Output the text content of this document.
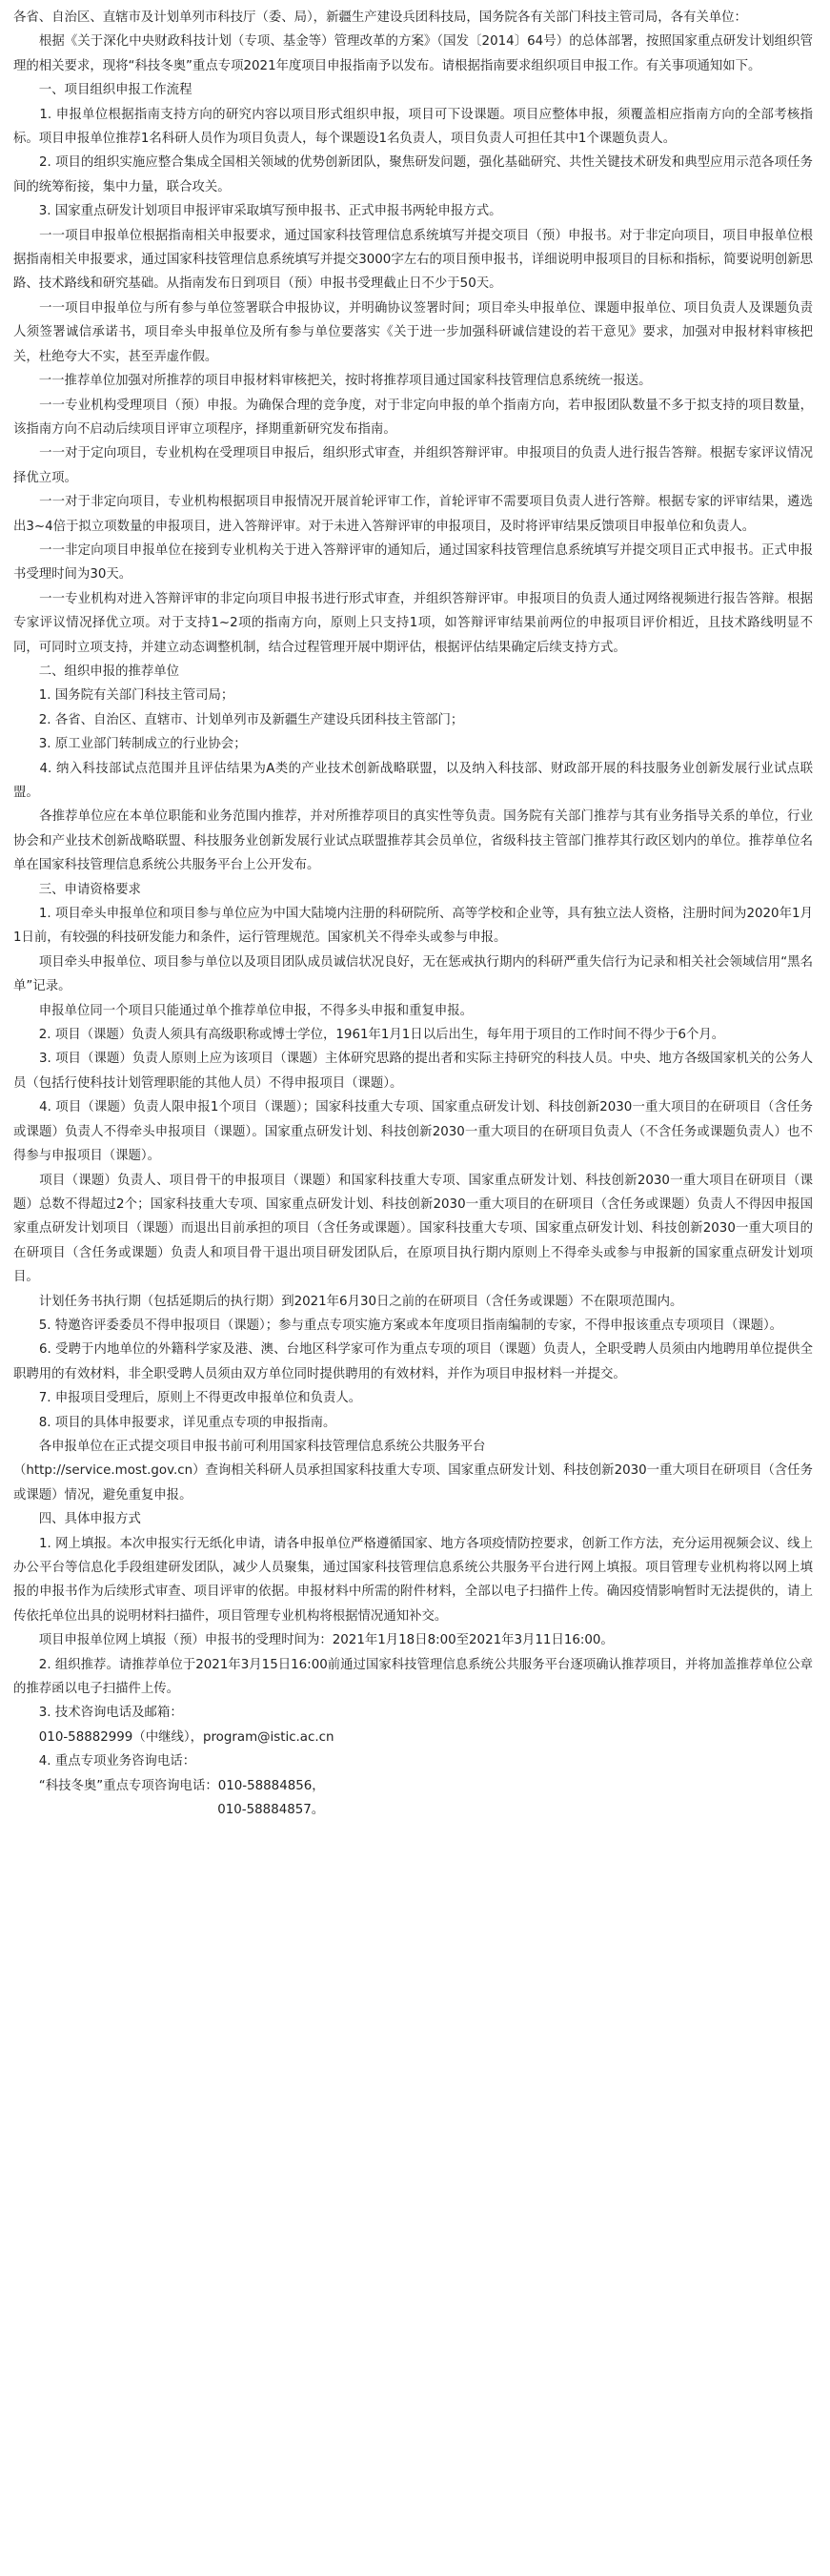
各省、自治区、直辖市及计划单列市科技厅（委、局），新疆生产建设兵团科技局，国务院各有关部门科技主管司局，各有关单位：

　　根据《关于深化中央财政科技计划（专项、基金等）管理改革的方案》（国发〔2014〕64号）的总体部署，按照国家重点研发计划组织管理的相关要求，现将“科技冬奥”重点专项2021年度项目申报指南予以发布。请根据指南要求组织项目申报工作。有关事项通知如下。

　　一、项目组织申报工作流程

　　1. 申报单位根据指南支持方向的研究内容以项目形式组织申报，项目可下设课题。项目应整体申报，须覆盖相应指南方向的全部考核指标。项目申报单位推荐1名科研人员作为项目负责人，每个课题设1名负责人，项目负责人可担任其中1个课题负责人。

　　2. 项目的组织实施应整合集成全国相关领域的优势创新团队，聚焦研发问题，强化基础研究、共性关键技术研发和典型应用示范各项任务间的统筹衔接，集中力量，联合攻关。

　　3. 国家重点研发计划项目申报评审采取填写预申报书、正式申报书两轮申报方式。

　　一一项目申报单位根据指南相关申报要求，通过国家科技管理信息系统填写并提交项目（预）申报书。对于非定向项目，项目申报单位根据指南相关申报要求，通过国家科技管理信息系统填写并提交3000字左右的项目预申报书，详细说明申报项目的目标和指标，简要说明创新思路、技术路线和研究基础。从指南发布日到项目（预）申报书受理截止日不少于50天。

　　一一项目申报单位与所有参与单位签署联合申报协议，并明确协议签署时间；项目牵头申报单位、课题申报单位、项目负责人及课题负责人须签署诚信承诺书，项目牵头申报单位及所有参与单位要落实《关于进一步加强科研诚信建设的若干意见》要求，加强对申报材料审核把关，杜绝夸大不实，甚至弄虚作假。

　　一一推荐单位加强对所推荐的项目申报材料审核把关，按时将推荐项目通过国家科技管理信息系统统一报送。

　　一一专业机构受理项目（预）申报。为确保合理的竞争度，对于非定向申报的单个指南方向，若申报团队数量不多于拟支持的项目数量，该指南方向不启动后续项目评审立项程序，择期重新研究发布指南。

　　一一对于定向项目，专业机构在受理项目申报后，组织形式审查，并组织答辩评审。申报项目的负责人进行报告答辩。根据专家评议情况择优立项。

　　一一对于非定向项目，专业机构根据项目申报情况开展首轮评审工作，首轮评审不需要项目负责人进行答辩。根据专家的评审结果，遴选出3~4倍于拟立项数量的申报项目，进入答辩评审。对于未进入答辩评审的申报项目，及时将评审结果反馈项目申报单位和负责人。

　　一一非定向项目申报单位在接到专业机构关于进入答辩评审的通知后，通过国家科技管理信息系统填写并提交项目正式申报书。正式申报书受理时间为30天。

　　一一专业机构对进入答辩评审的非定向项目申报书进行形式审查，并组织答辩评审。申报项目的负责人通过网络视频进行报告答辩。根据专家评议情况择优立项。对于支持1~2项的指南方向，原则上只支持1项，如答辩评审结果前两位的申报项目评价相近，且技术路线明显不同，可同时立项支持，并建立动态调整机制，结合过程管理开展中期评估，根据评估结果确定后续支持方式。

　　二、组织申报的推荐单位

　　1. 国务院有关部门科技主管司局；

　　2. 各省、自治区、直辖市、计划单列市及新疆生产建设兵团科技主管部门；

　　3. 原工业部门转制成立的行业协会；

　　4. 纳入科技部试点范围并且评估结果为A类的产业技术创新战略联盟，以及纳入科技部、财政部开展的科技服务业创新发展行业试点联盟。

　　各推荐单位应在本单位职能和业务范围内推荐，并对所推荐项目的真实性等负责。国务院有关部门推荐与其有业务指导关系的单位，行业协会和产业技术创新战略联盟、科技服务业创新发展行业试点联盟推荐其会员单位，省级科技主管部门推荐其行政区划内的单位。推荐单位名单在国家科技管理信息系统公共服务平台上公开发布。

　　三、申请资格要求

　　1. 项目牵头申报单位和项目参与单位应为中国大陆境内注册的科研院所、高等学校和企业等，具有独立法人资格，注册时间为2020年1月1日前，有较强的科技研发能力和条件，运行管理规范。国家机关不得牵头或参与申报。

　　项目牵头申报单位、项目参与单位以及项目团队成员诚信状况良好，无在惩戒执行期内的科研严重失信行为记录和相关社会领域信用“黑名单”记录。

　　申报单位同一个项目只能通过单个推荐单位申报，不得多头申报和重复申报。

　　2. 项目（课题）负责人须具有高级职称或博士学位，1961年1月1日以后出生，每年用于项目的工作时间不得少于6个月。

　　3. 项目（课题）负责人原则上应为该项目（课题）主体研究思路的提出者和实际主持研究的科技人员。中央、地方各级国家机关的公务人员（包括行使科技计划管理职能的其他人员）不得申报项目（课题）。

　　4. 项目（课题）负责人限申报1个项目（课题）；国家科技重大专项、国家重点研发计划、科技创新2030一重大项目的在研项目（含任务或课题）负责人不得牵头申报项目（课题）。国家重点研发计划、科技创新2030一重大项目的在研项目负责人（不含任务或课题负责人）也不得参与申报项目（课题）。

　　项目（课题）负责人、项目骨干的申报项目（课题）和国家科技重大专项、国家重点研发计划、科技创新2030一重大项目在研项目（课题）总数不得超过2个；国家科技重大专项、国家重点研发计划、科技创新2030一重大项目的在研项目（含任务或课题）负责人不得因申报国家重点研发计划项目（课题）而退出目前承担的项目（含任务或课题）。国家科技重大专项、国家重点研发计划、科技创新2030一重大项目的在研项目（含任务或课题）负责人和项目骨干退出项目研发团队后，在原项目执行期内原则上不得牵头或参与申报新的国家重点研发计划项目。

　　计划任务书执行期（包括延期后的执行期）到2021年6月30日之前的在研项目（含任务或课题）不在限项范围内。

　　5. 特邀咨评委委员不得申报项目（课题）；参与重点专项实施方案或本年度项目指南编制的专家，不得申报该重点专项项目（课题）。

　　6. 受聘于内地单位的外籍科学家及港、澳、台地区科学家可作为重点专项的项目（课题）负责人，全职受聘人员须由内地聘用单位提供全职聘用的有效材料，非全职受聘人员须由双方单位同时提供聘用的有效材料，并作为项目申报材料一并提交。

　　7. 申报项目受理后，原则上不得更改申报单位和负责人。

　　8. 项目的具体申报要求，详见重点专项的申报指南。

　　各申报单位在正式提交项目申报书前可利用国家科技管理信息系统公共服务平台

（http://service.most.gov.cn）查询相关科研人员承担国家科技重大专项、国家重点研发计划、科技创新2030一重大项目在研项目（含任务或课题）情况，避免重复申报。

　　四、具体申报方式

　　1. 网上填报。本次申报实行无纸化申请，请各申报单位严格遵循国家、地方各项疫情防控要求，创新工作方法，充分运用视频会议、线上办公平台等信息化手段组建研发团队，减少人员聚集，通过国家科技管理信息系统公共服务平台进行网上填报。项目管理专业机构将以网上填报的申报书作为后续形式审查、项目评审的依据。申报材料中所需的附件材料，全部以电子扫描件上传。确因疫情影响暂时无法提供的，请上传依托单位出具的说明材料扫描件，项目管理专业机构将根据情况通知补交。

　　项目申报单位网上填报（预）申报书的受理时间为：2021年1月18日8:00至2021年3月11日16:00。

　　2. 组织推荐。请推荐单位于2021年3月15日16:00前通过国家科技管理信息系统公共服务平台逐项确认推荐项目，并将加盖推荐单位公章的推荐函以电子扫描件上传。

　　3. 技术咨询电话及邮箱：

　　010-58882999（中继线），program@istic.ac.cn

　　4. 重点专项业务咨询电话：

　　“科技冬奥”重点专项咨询电话：010-58884856，

　　　　　　　　　　　　　　　　010-58884857。
